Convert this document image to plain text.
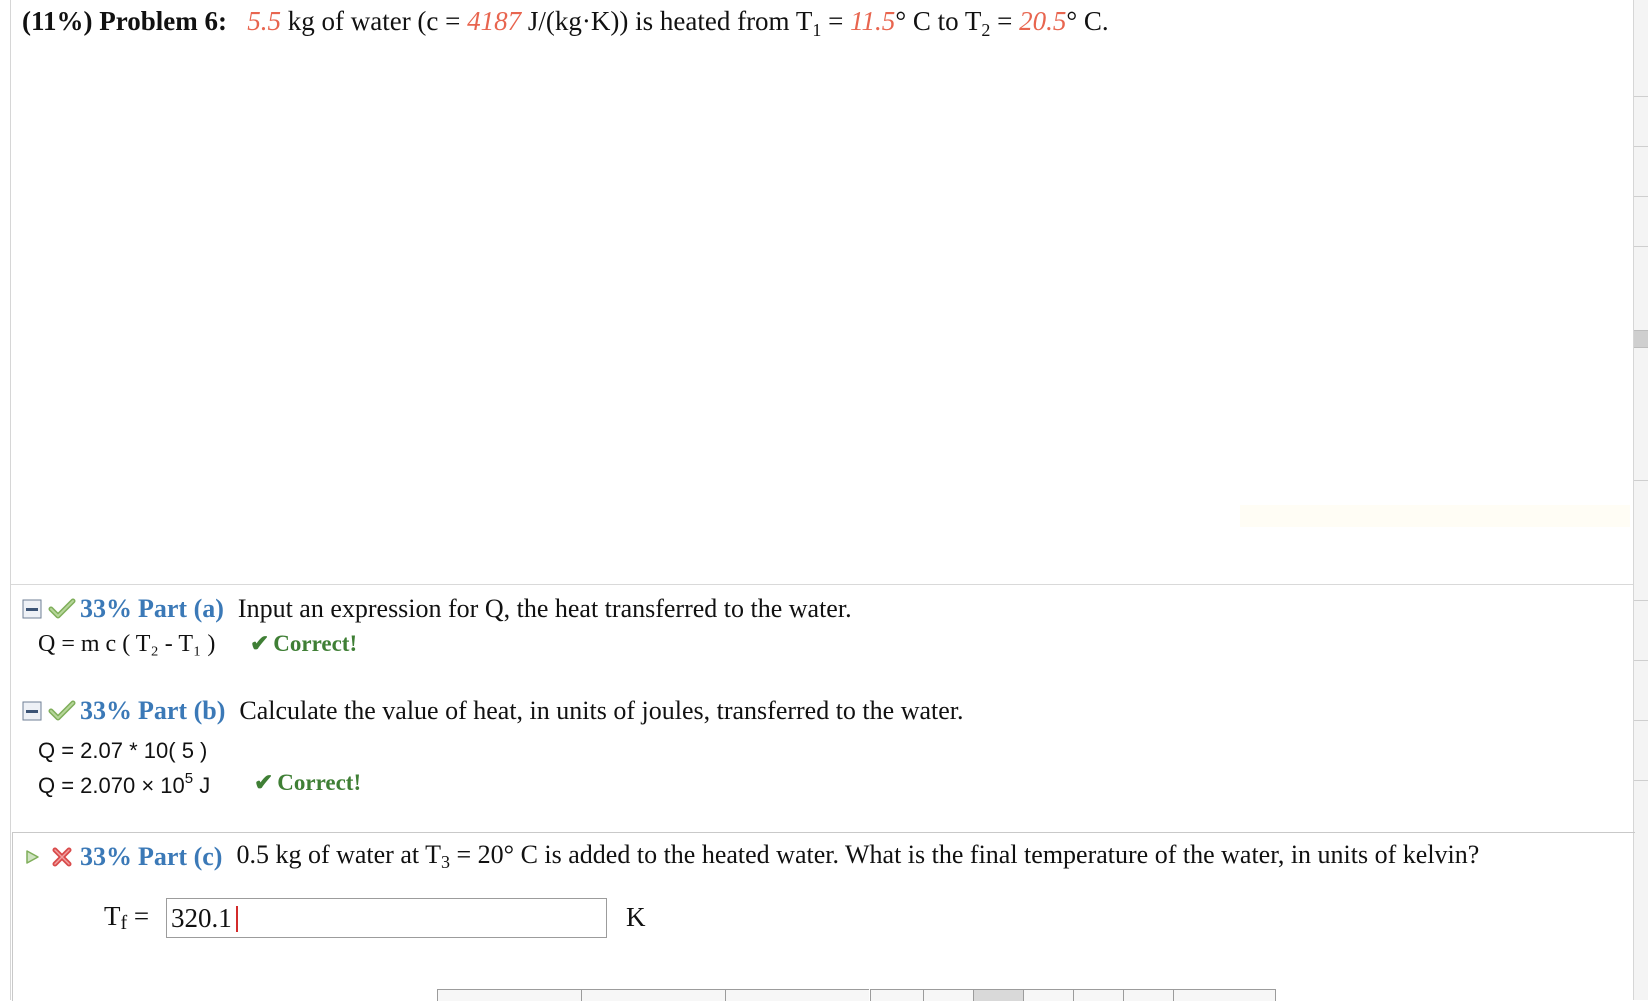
(11%) Problem 6: 5.5 kg of water (c = 4187 J/(kg·K)) is heated from $T_1 = 11.5^\circ$ C to $T_2 = 20.5^\circ$ C.
33% Part (a) Input an expression for Q, the heat transferred to the water.
Q = m c ( T₂ - T₁ ) ✔ Correct!
33% Part (b) Calculate the value of heat, in units of joules, transferred to the water.
Q = 2.07 * 10( 5 )
$Q = 2.070 \times 10^5$ J ✔ Correct!
33% Part (c) 0.5 kg of water at $T_3 = 20^\circ$ C is added to the heated water. What is the final temperature of the water, in units of kelvin?
Tf =
320.1	K
